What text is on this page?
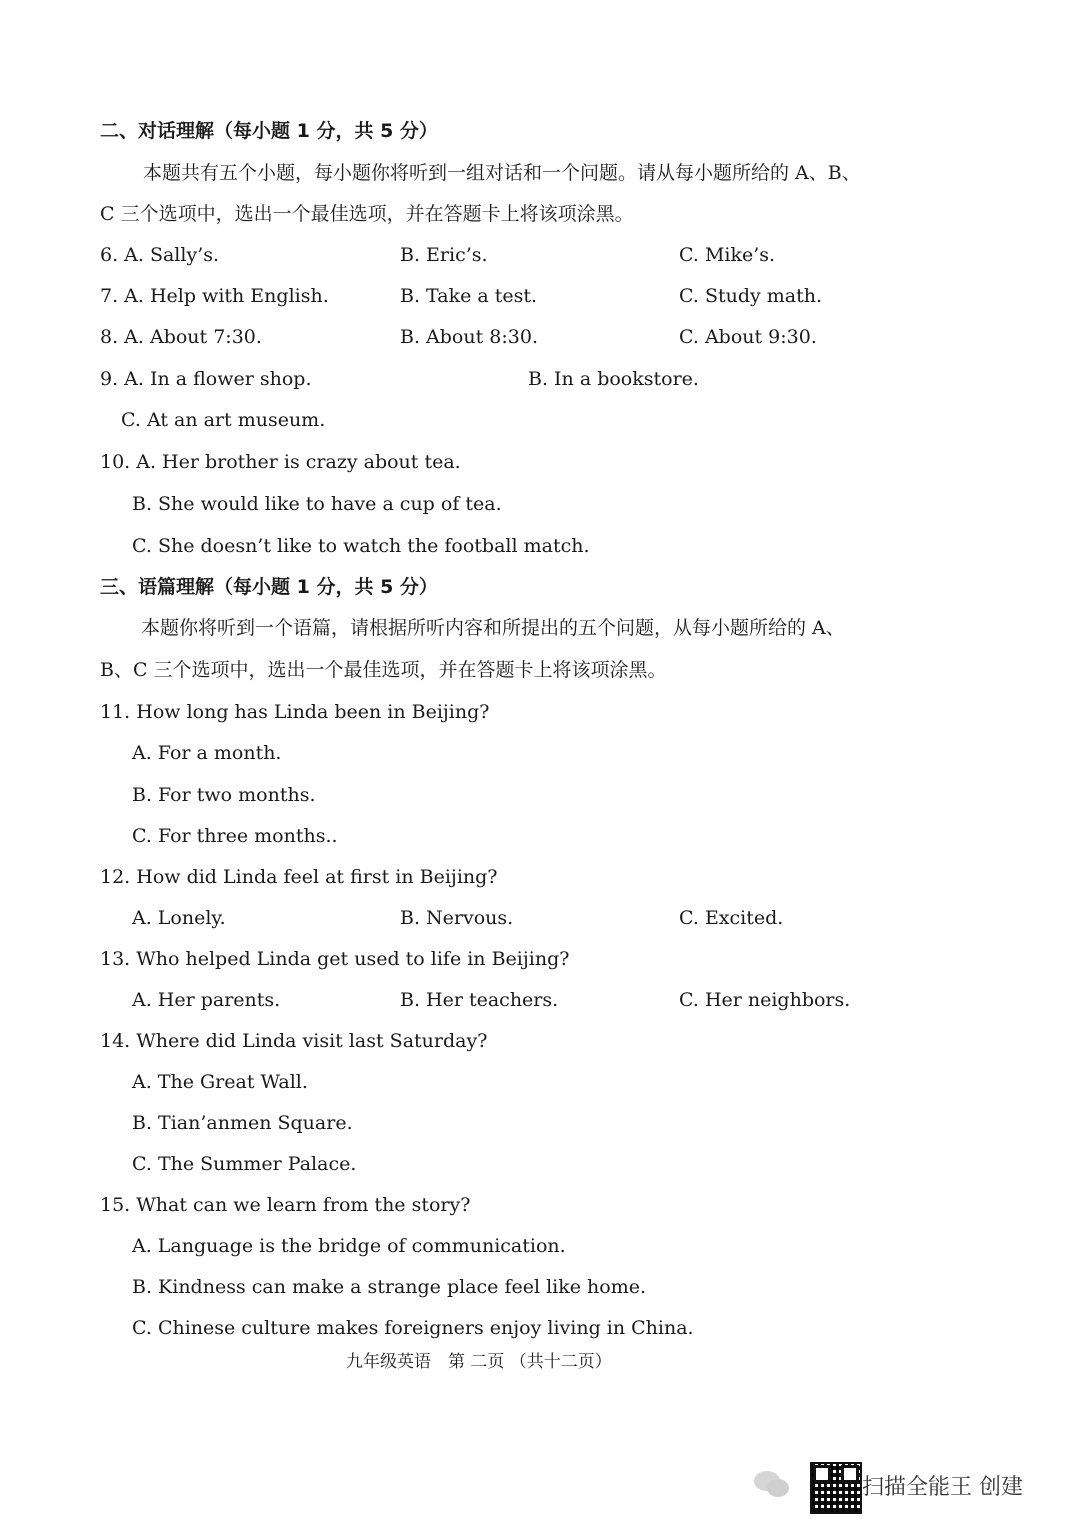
二、对话理解（每小题 1 分，共 5 分）
本题共有五个小题，每小题你将听到一组对话和一个问题。请从每小题所给的 A、B、
C 三个选项中，选出一个最佳选项，并在答题卡上将该项涂黑。
6. A. Sally’s.	B. Eric’s.	C. Mike’s.
7. A. Help with English.	B. Take a test.	C. Study math.
8. A. About 7:30.	B. About 8:30.	C. About 9:30.
9. A. In a flower shop.	B. In a bookstore.
C. At an art museum.
10. A. Her brother is crazy about tea.
B. She would like to have a cup of tea.
C. She doesn’t like to watch the football match.
三、语篇理解（每小题 1 分，共 5 分）
本题你将听到一个语篇，请根据所听内容和所提出的五个问题，从每小题所给的 A、
B、C 三个选项中，选出一个最佳选项，并在答题卡上将该项涂黑。
11. How long has Linda been in Beijing?
A. For a month.
B. For two months.
C. For three months..
12. How did Linda feel at first in Beijing?
A. Lonely.	B. Nervous.	C. Excited.
13. Who helped Linda get used to life in Beijing?
A. Her parents.	B. Her teachers.	C. Her neighbors.
14. Where did Linda visit last Saturday?
A. The Great Wall.
B. Tian’anmen Square.
C. The Summer Palace.
15. What can we learn from the story?
A. Language is the bridge of communication.
B. Kindness can make a strange place feel like home.
C. Chinese culture makes foreigners enjoy living in China.
九年级英语　第 二页 （共十二页）
扫描全能王 创建
